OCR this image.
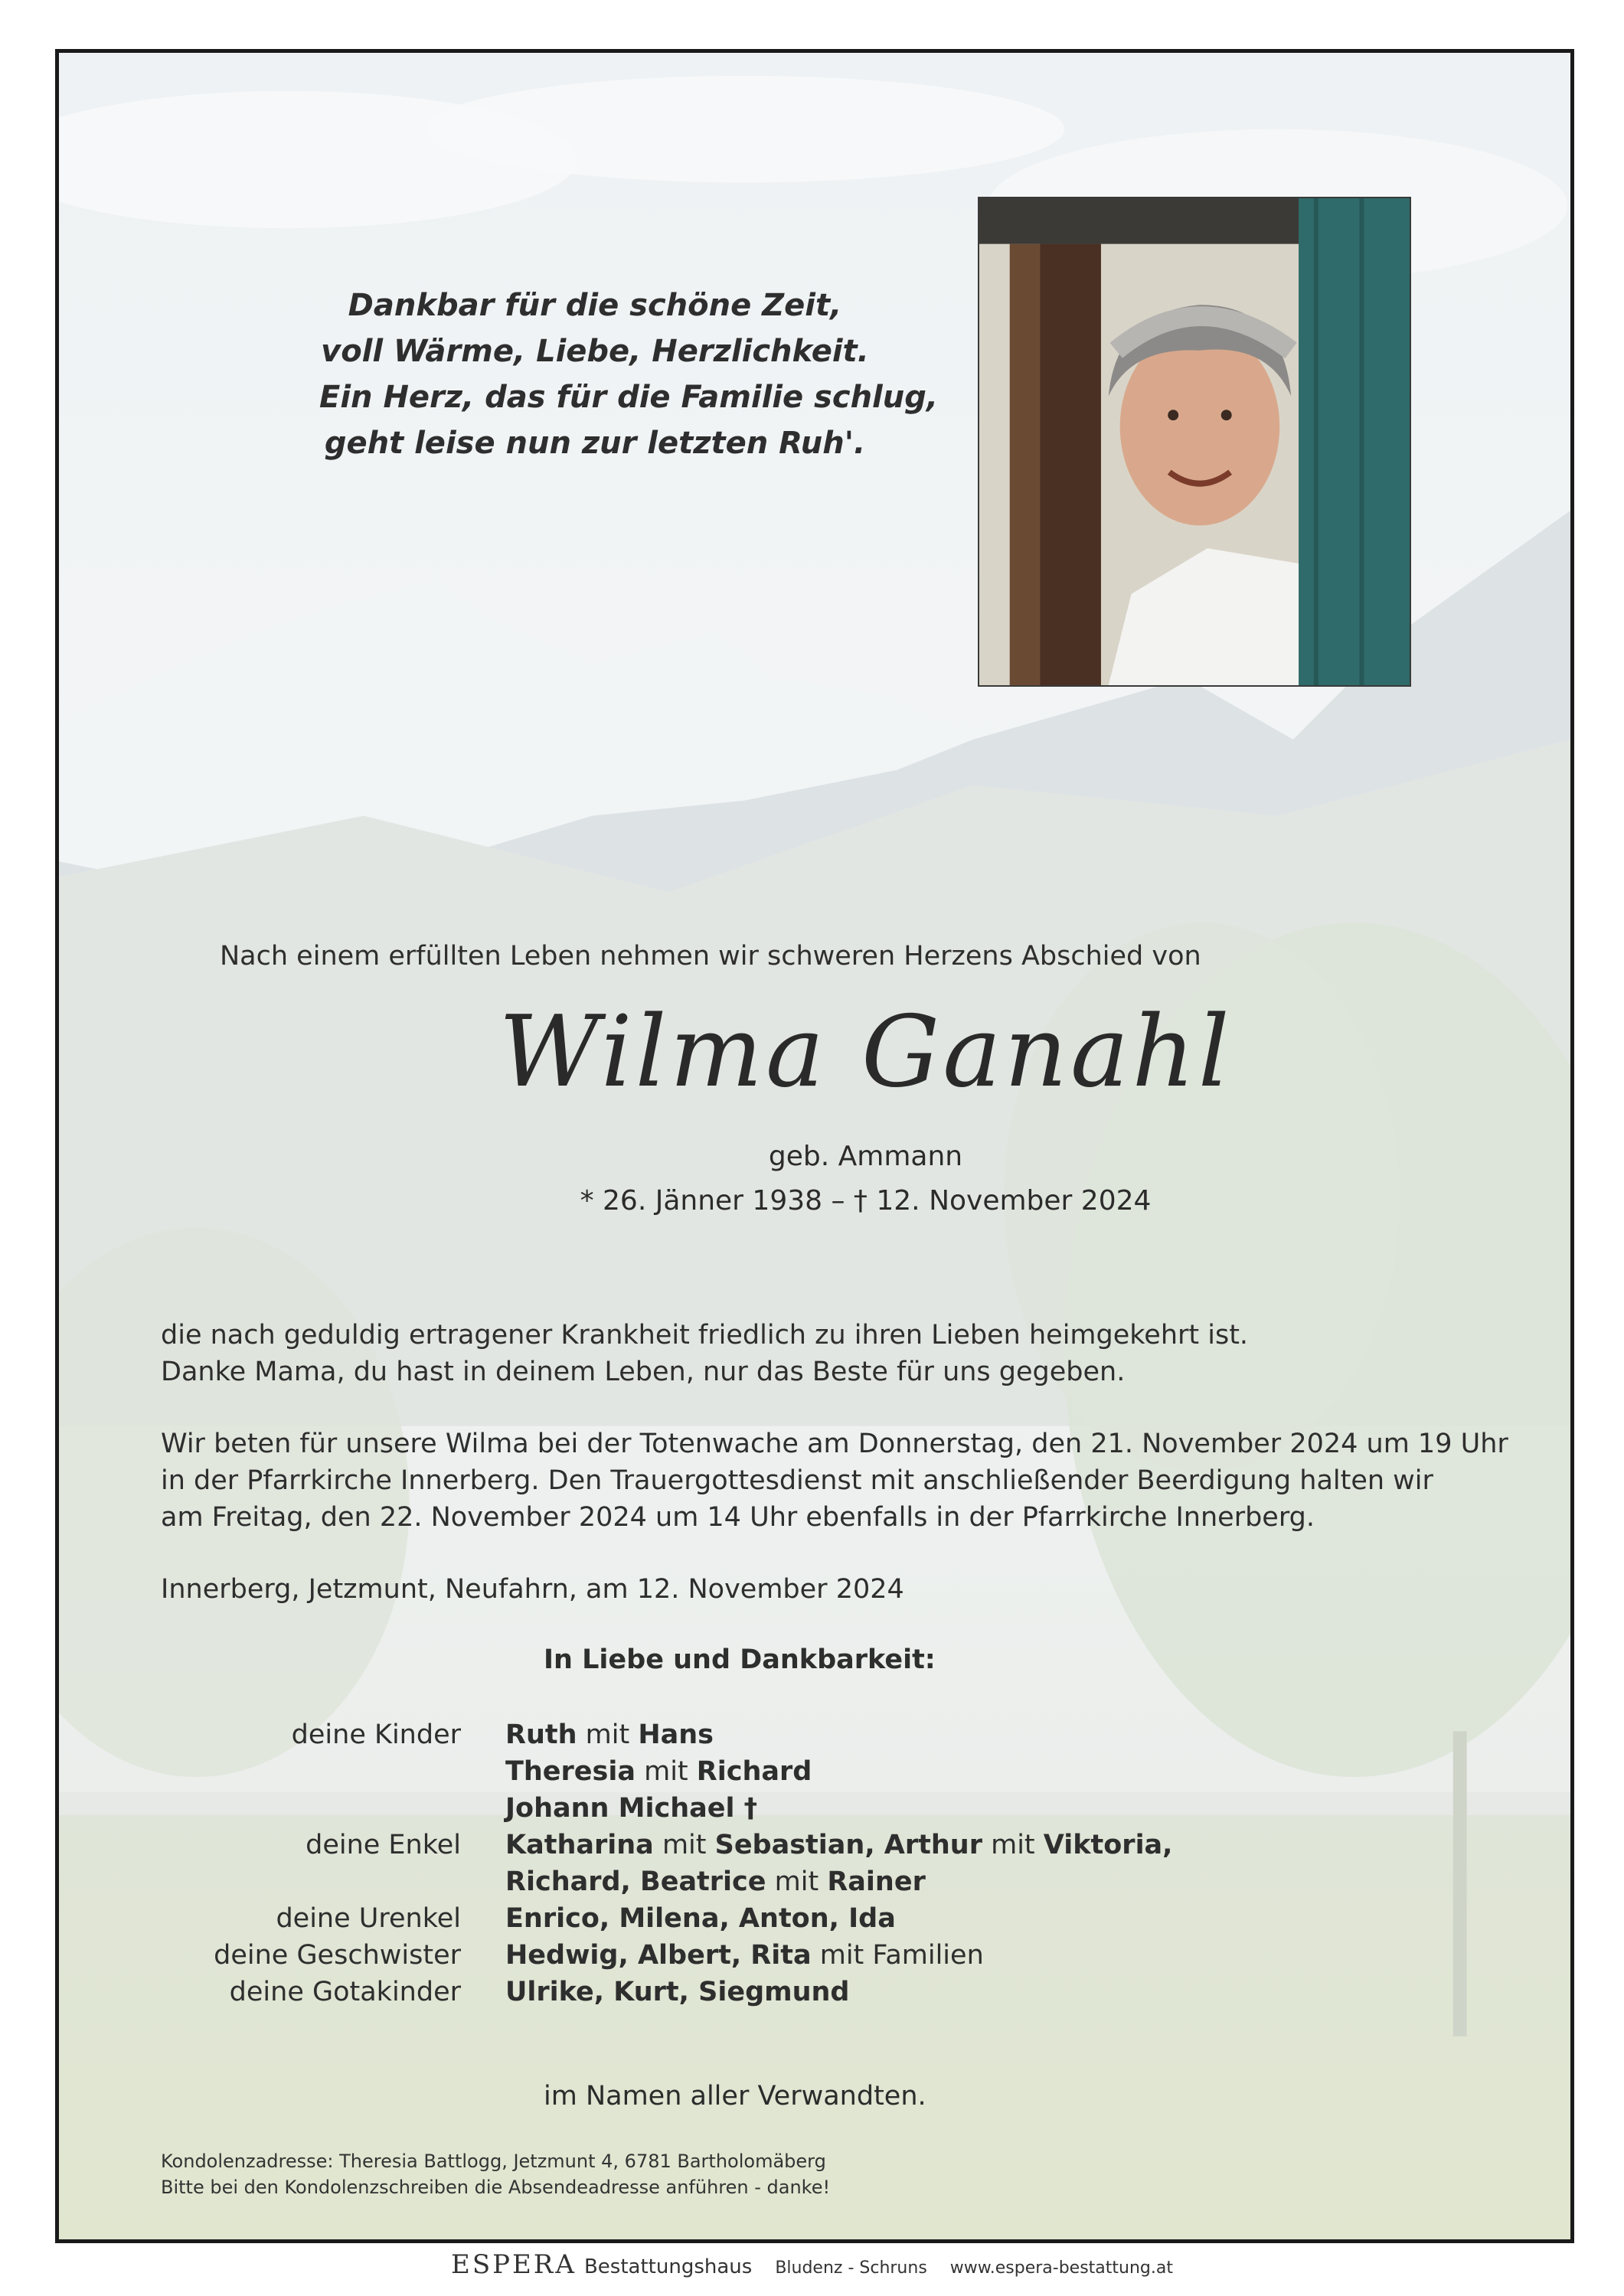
Dankbar für die schöne Zeit,
voll Wärme, Liebe, Herzlichkeit.
Ein Herz, das für die Familie schlug,
geht leise nun zur letzten Ruh'.
Nach einem erfüllten Leben nehmen wir schweren Herzens Abschied von
Wilma Ganahl
geb. Ammann
* 26. Jänner 1938 – † 12. November 2024
die nach geduldig ertragener Krankheit friedlich zu ihren Lieben heimgekehrt ist.
Danke Mama, du hast in deinem Leben, nur das Beste für uns gegeben.
Wir beten für unsere Wilma bei der Totenwache am Donnerstag, den 21. November 2024 um 19 Uhr
in der Pfarrkirche Innerberg. Den Trauergottesdienst mit anschließender Beerdigung halten wir
am Freitag, den 22. November 2024 um 14 Uhr ebenfalls in der Pfarrkirche Innerberg.
Innerberg, Jetzmunt, Neufahrn, am 12. November 2024
In Liebe und Dankbarkeit:
deine Kinder	Ruth mit Hans
Theresia mit Richard
Johann Michael †
deine Enkel	Katharina mit Sebastian, Arthur mit Viktoria,
Richard, Beatrice mit Rainer
deine Urenkel	Enrico, Milena, Anton, Ida
deine Geschwister	Hedwig, Albert, Rita mit Familien
deine Gotakinder	Ulrike, Kurt, Siegmund
im Namen aller Verwandten.
Kondolenzadresse: Theresia Battlogg, Jetzmunt 4, 6781 Bartholomäberg
Bitte bei den Kondolenzschreiben die Absendeadresse anführen - danke!
ESPERA Bestattungshaus Bludenz - Schruns www.espera-bestattung.at
